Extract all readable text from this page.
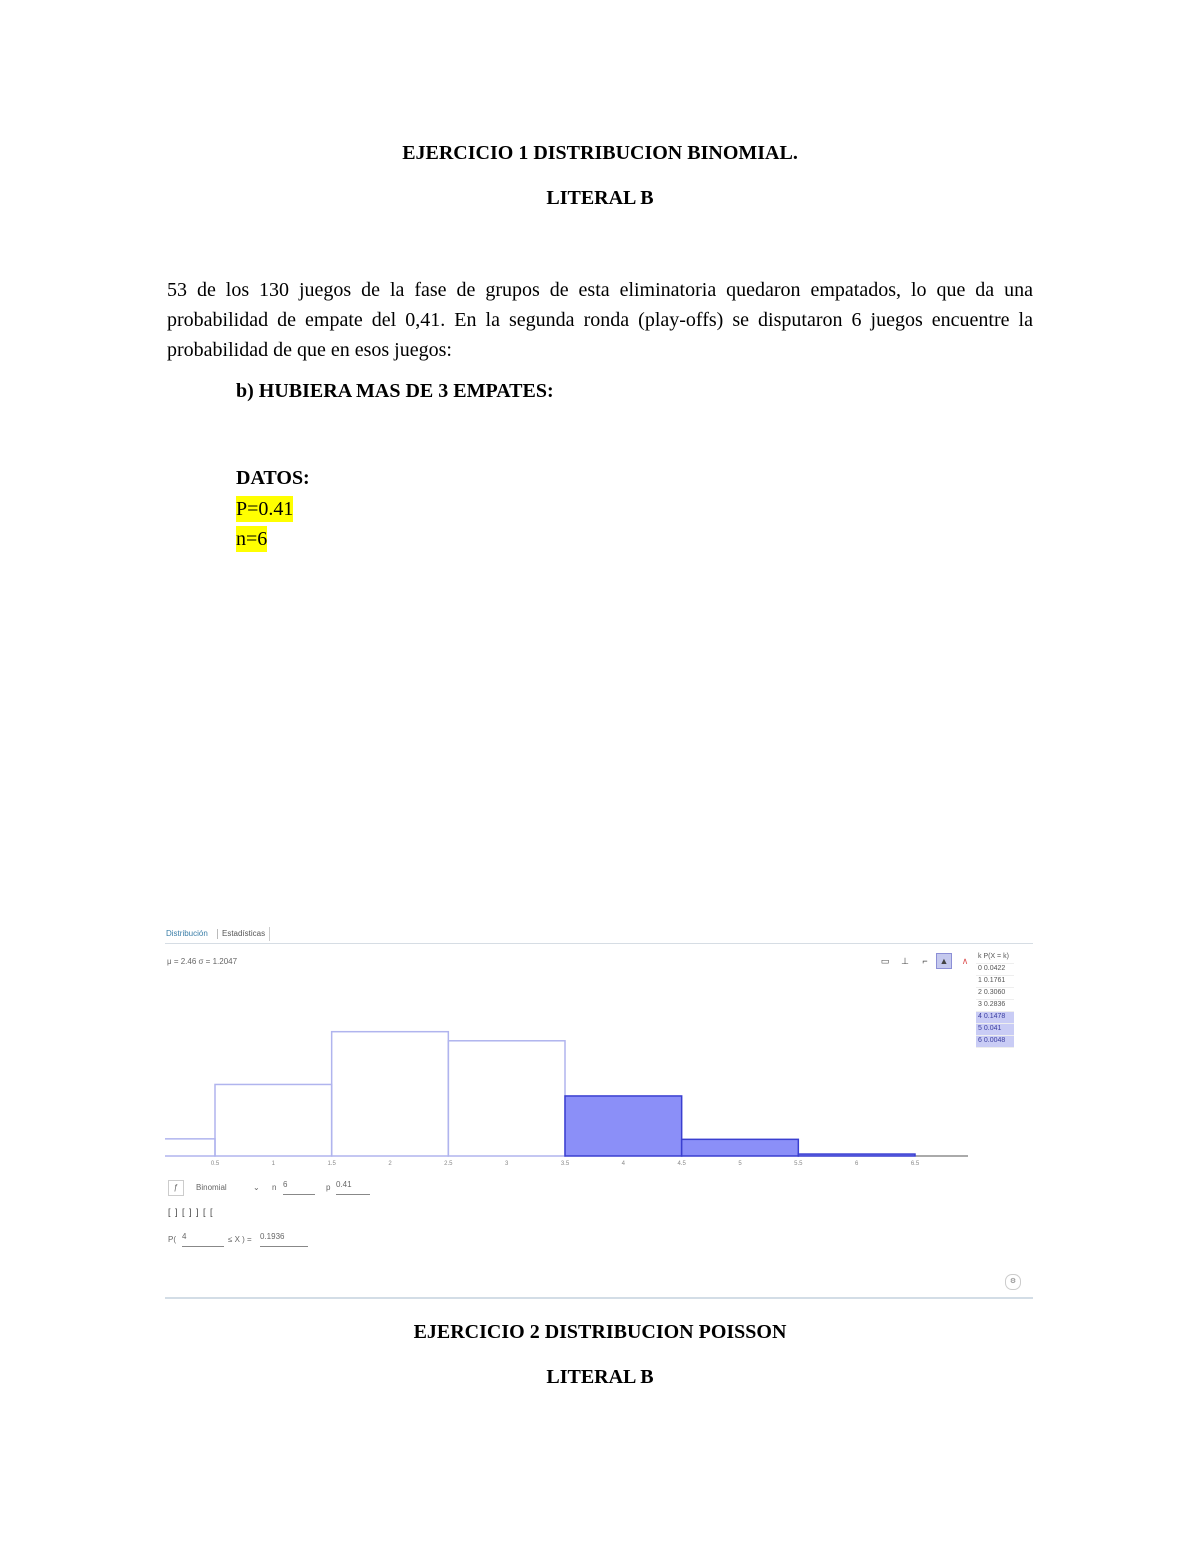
EJERCICIO 1 DISTRIBUCION BINOMIAL.
LITERAL B
53 de los 130 juegos de la fase de grupos de esta eliminatoria quedaron empatados, lo que da una probabilidad de empate del 0,41. En la segunda ronda (play-offs) se disputaron 6 juegos encuentre la probabilidad de que en esos juegos:
b) HUBIERA MAS DE 3 EMPATES:
DATOS:
P=0.41
n=6
Distribución	Estadísticas
μ = 2.46 σ = 1.2047	▭	⊥	⌐	▲	∧	k P(X = k)
0 0.0422
1 0.1761
2 0.3060
3 0.2836
4 0.1478
5 0.041
6 0.0048
0.5	1	1.5	2	2.5	3	3.5	4	4.5	5	5.5	6	6.5
ƒ	Binomial	⌄ n 6	p 0.41
[ ] [ ] ] [ [
P( 4	≤ X ) = 0.1936
⚙
EJERCICIO 2 DISTRIBUCION POISSON
LITERAL B
